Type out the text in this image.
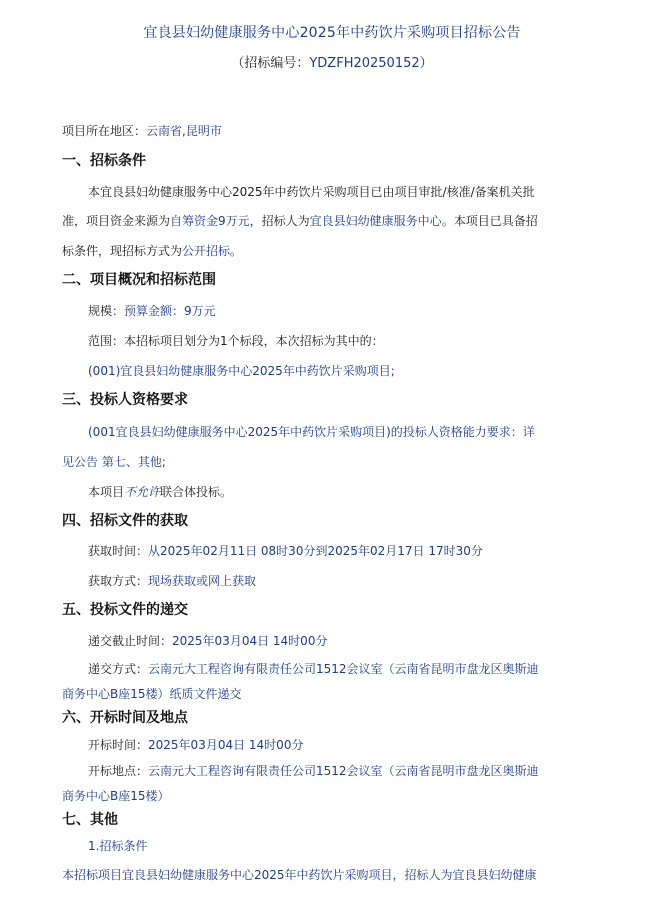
宜良县妇幼健康服务中心2025年中药饮片采购项目招标公告
（招标编号：YDZFH20250152）
项目所在地区：云南省,昆明市
一、招标条件
本宜良县妇幼健康服务中心2025年中药饮片采购项目已由项目审批/核准/备案机关批
准，项目资金来源为自筹资金9万元，招标人为宜良县妇幼健康服务中心。本项目已具备招
标条件，现招标方式为公开招标。
二、项目概况和招标范围
规模：预算金额：9万元
范围：本招标项目划分为1个标段，本次招标为其中的：
(001)宜良县妇幼健康服务中心2025年中药饮片采购项目;
三、投标人资格要求
(001宜良县妇幼健康服务中心2025年中药饮片采购项目)的投标人资格能力要求：详
见公告 第七、其他;
本项目不允许联合体投标。
四、招标文件的获取
获取时间：从2025年02月11日 08时30分到2025年02月17日 17时30分
获取方式：现场获取或网上获取
五、投标文件的递交
递交截止时间：2025年03月04日 14时00分
递交方式：云南元大工程咨询有限责任公司1512会议室（云南省昆明市盘龙区奥斯迪
商务中心B座15楼）纸质文件递交
六、开标时间及地点
开标时间：2025年03月04日 14时00分
开标地点：云南元大工程咨询有限责任公司1512会议室（云南省昆明市盘龙区奥斯迪
商务中心B座15楼）
七、其他
1.招标条件
本招标项目宜良县妇幼健康服务中心2025年中药饮片采购项目，招标人为宜良县妇幼健康
